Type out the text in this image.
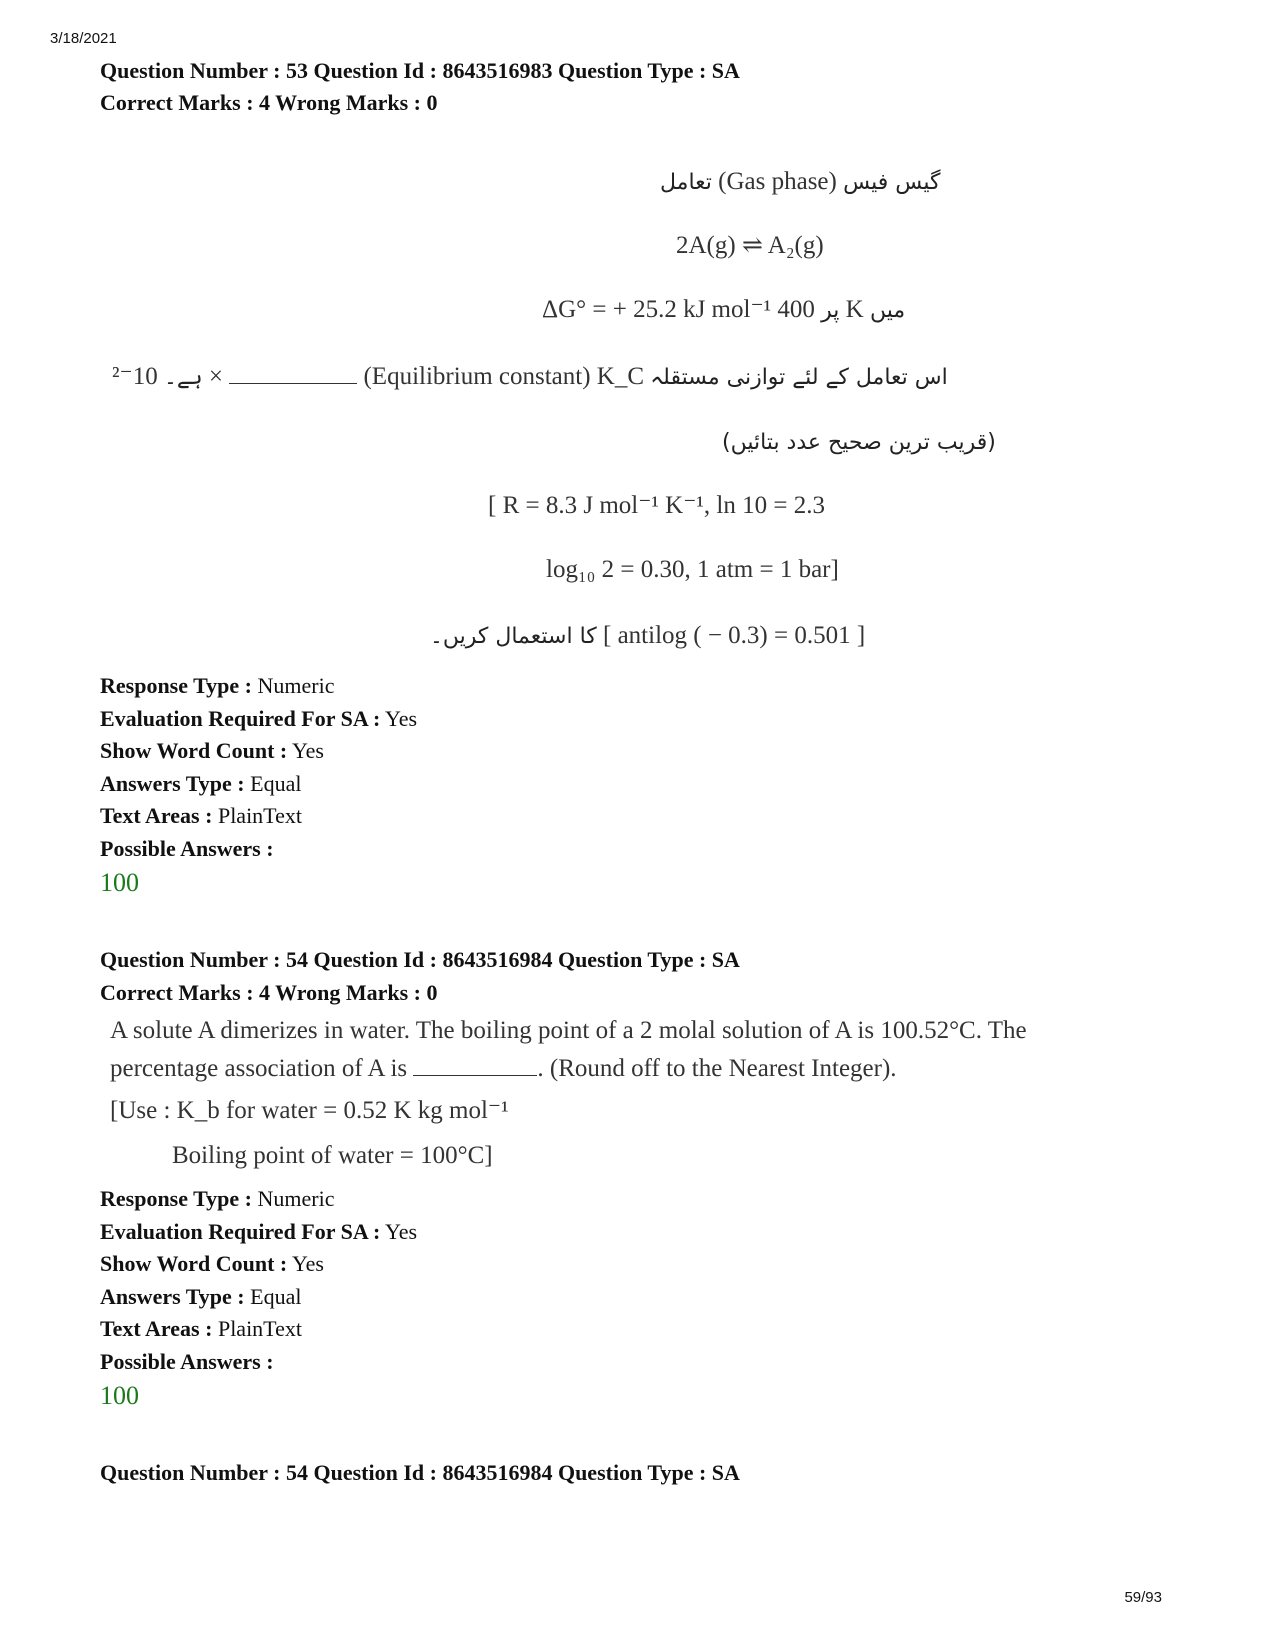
3/18/2021
59/93
Question Number : 53 Question Id : 8643516983 Question Type : SA
Correct Marks : 4 Wrong Marks : 0
تعامل (Gas phase) گیس فیس
2A(g) ⇌ A₂(g)
ΔG° = + 25.2 kJ mol⁻¹ پر 400 K میں
ہے۔ 10⁻² ×	(Equilibrium constant) K_C اس تعامل کے لئے توازنی مستقلہ
(قریب ترین صحیح عدد بتائیں)
[ R = 8.3 J mol⁻¹ K⁻¹, ln 10 = 2.3
log₁₀ 2 = 0.30, 1 atm = 1 bar]
کا استعمال کریں۔ [ antilog ( − 0.3) = 0.501 ]
Response Type : Numeric
Evaluation Required For SA : Yes
Show Word Count : Yes
Answers Type : Equal
Text Areas : PlainText
Possible Answers :
100
Question Number : 54 Question Id : 8643516984 Question Type : SA
Correct Marks : 4 Wrong Marks : 0
A solute A dimerizes in water. The boiling point of a 2 molal solution of A is 100.52°C. The
percentage association of A is	. (Round off to the Nearest Integer).
[Use : K_b for water = 0.52 K kg mol⁻¹
Boiling point of water = 100°C]
Response Type : Numeric
Evaluation Required For SA : Yes
Show Word Count : Yes
Answers Type : Equal
Text Areas : PlainText
Possible Answers :
100
Question Number : 54 Question Id : 8643516984 Question Type : SA
